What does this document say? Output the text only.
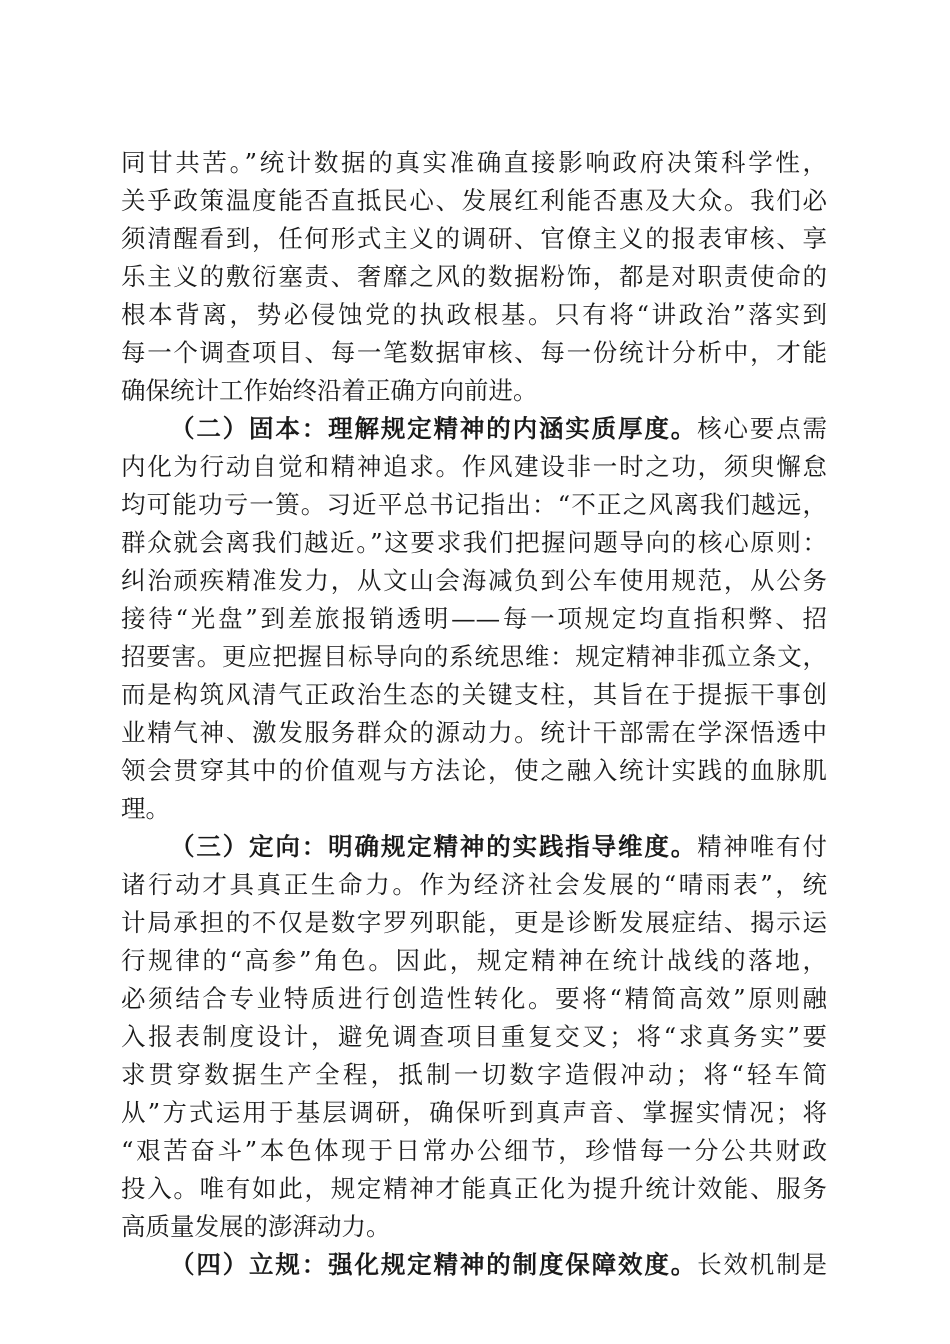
同甘共苦。”统计数据的真实准确直接影响政府决策科学性，
关乎政策温度能否直抵民心、发展红利能否惠及大众。我们必
须清醒看到，任何形式主义的调研、官僚主义的报表审核、享
乐主义的敷衍塞责、奢靡之风的数据粉饰，都是对职责使命的
根本背离，势必侵蚀党的执政根基。只有将“讲政治”落实到
每一个调查项目、每一笔数据审核、每一份统计分析中，才能
确保统计工作始终沿着正确方向前进。
（二）固本：理解规定精神的内涵实质厚度。核心要点需
内化为行动自觉和精神追求。作风建设非一时之功，须臾懈怠
均可能功亏一篑。习近平总书记指出：“不正之风离我们越远，
群众就会离我们越近。”这要求我们把握问题导向的核心原则：
纠治顽疾精准发力，从文山会海减负到公车使用规范，从公务
接待“光盘”到差旅报销透明——每一项规定均直指积弊、招
招要害。更应把握目标导向的系统思维：规定精神非孤立条文，
而是构筑风清气正政治生态的关键支柱，其旨在于提振干事创
业精气神、激发服务群众的源动力。统计干部需在学深悟透中
领会贯穿其中的价值观与方法论，使之融入统计实践的血脉肌
理。
（三）定向：明确规定精神的实践指导维度。精神唯有付
诸行动才具真正生命力。作为经济社会发展的“晴雨表”，统
计局承担的不仅是数字罗列职能，更是诊断发展症结、揭示运
行规律的“高参”角色。因此，规定精神在统计战线的落地，
必须结合专业特质进行创造性转化。要将“精简高效”原则融
入报表制度设计，避免调查项目重复交叉；将“求真务实”要
求贯穿数据生产全程，抵制一切数字造假冲动；将“轻车简
从”方式运用于基层调研，确保听到真声音、掌握实情况；将
“艰苦奋斗”本色体现于日常办公细节，珍惜每一分公共财政
投入。唯有如此，规定精神才能真正化为提升统计效能、服务
高质量发展的澎湃动力。
（四）立规：强化规定精神的制度保障效度。长效机制是
